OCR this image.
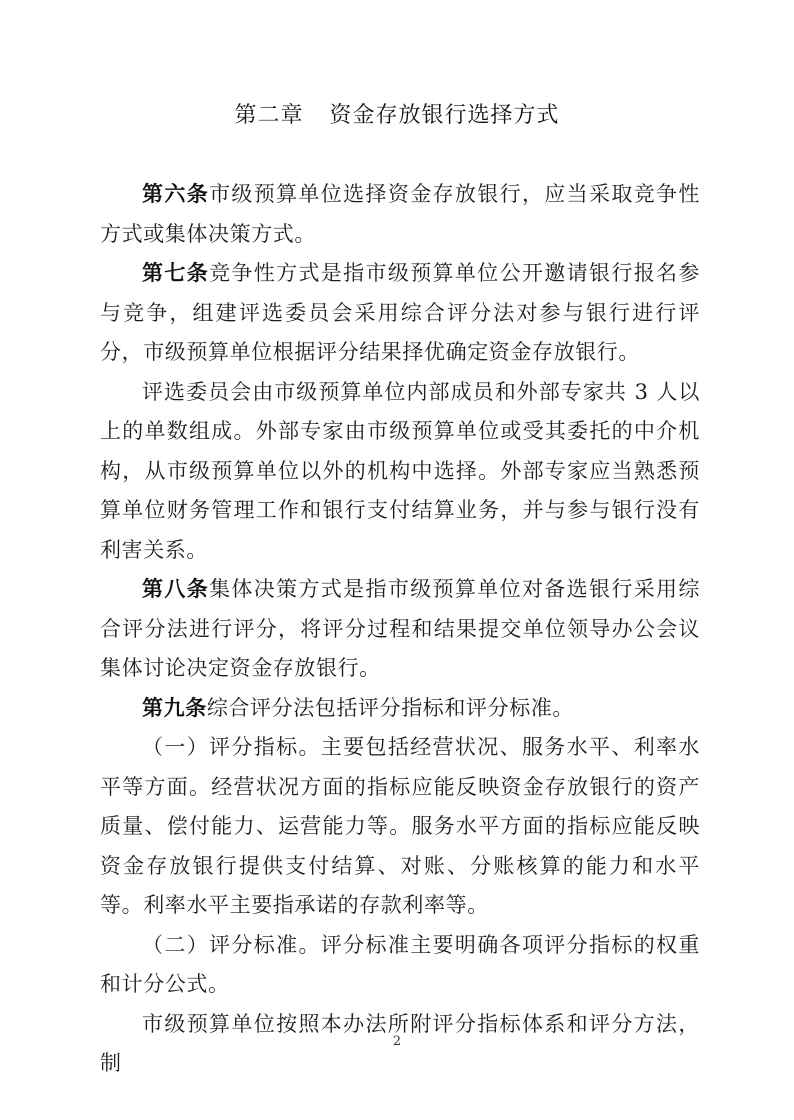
第二章 资金存放银行选择方式

第六条市级预算单位选择资金存放银行，应当采取竞争性方式或集体决策方式。

第七条竞争性方式是指市级预算单位公开邀请银行报名参与竞争，组建评选委员会采用综合评分法对参与银行进行评分，市级预算单位根据评分结果择优确定资金存放银行。

评选委员会由市级预算单位内部成员和外部专家共 3 人以上的单数组成。外部专家由市级预算单位或受其委托的中介机构，从市级预算单位以外的机构中选择。外部专家应当熟悉预算单位财务管理工作和银行支付结算业务，并与参与银行没有利害关系。

第八条集体决策方式是指市级预算单位对备选银行采用综合评分法进行评分，将评分过程和结果提交单位领导办公会议集体讨论决定资金存放银行。

第九条综合评分法包括评分指标和评分标准。

（一）评分指标。主要包括经营状况、服务水平、利率水平等方面。经营状况方面的指标应能反映资金存放银行的资产质量、偿付能力、运营能力等。服务水平方面的指标应能反映资金存放银行提供支付结算、对账、分账核算的能力和水平等。利率水平主要指承诺的存款利率等。

（二）评分标准。评分标准主要明确各项评分指标的权重和计分公式。

市级预算单位按照本办法所附评分指标体系和评分方法，制

2
